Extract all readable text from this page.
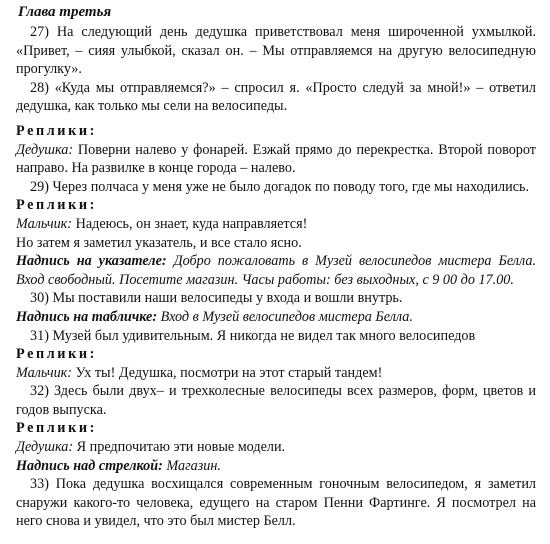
Глава третья

27) На следующий день дедушка приветствовал меня широченной ухмылкой. «Привет, – сияя улыбкой, сказал он. – Мы отправляемся на другую велосипедную прогулку».

28) «Куда мы отправляемся?» – спросил я. «Просто следуй за мной!» – ответил дедушка, как только мы сели на велосипеды.

Реплики:

Дедушка: Поверни налево у фонарей. Езжай прямо до перекрестка. Второй поворот направо. На развилке в конце города – налево.

29) Через полчаса у меня уже не было догадок по поводу того, где мы находились.

Реплики:

Мальчик: Надеюсь, он знает, куда направляется!

Но затем я заметил указатель, и все стало ясно.

Надпись на указателе: Добро пожаловать в Музей велосипедов мистера Белла. Вход свободный. Посетите магазин. Часы работы: без выходных, с 9 00 до 17.00.

30) Мы поставили наши велосипеды у входа и вошли внутрь.

Надпись на табличке: Вход в Музей велосипедов мистера Белла.

31) Музей был удивительным. Я никогда не видел так много велосипедов

Реплики:

Мальчик: Ух ты! Дедушка, посмотри на этот старый тандем!

32) Здесь были двух– и трехколесные велосипеды всех размеров, форм, цветов и годов выпуска.

Реплики:

Дедушка: Я предпочитаю эти новые модели.

Надпись над стрелкой: Магазин.

33) Пока дедушка восхищался современным гоночным велосипедом, я заметил снаружи какого-то человека, едущего на старом Пенни Фартинге. Я посмотрел на него снова и увидел, что это был мистер Белл.
